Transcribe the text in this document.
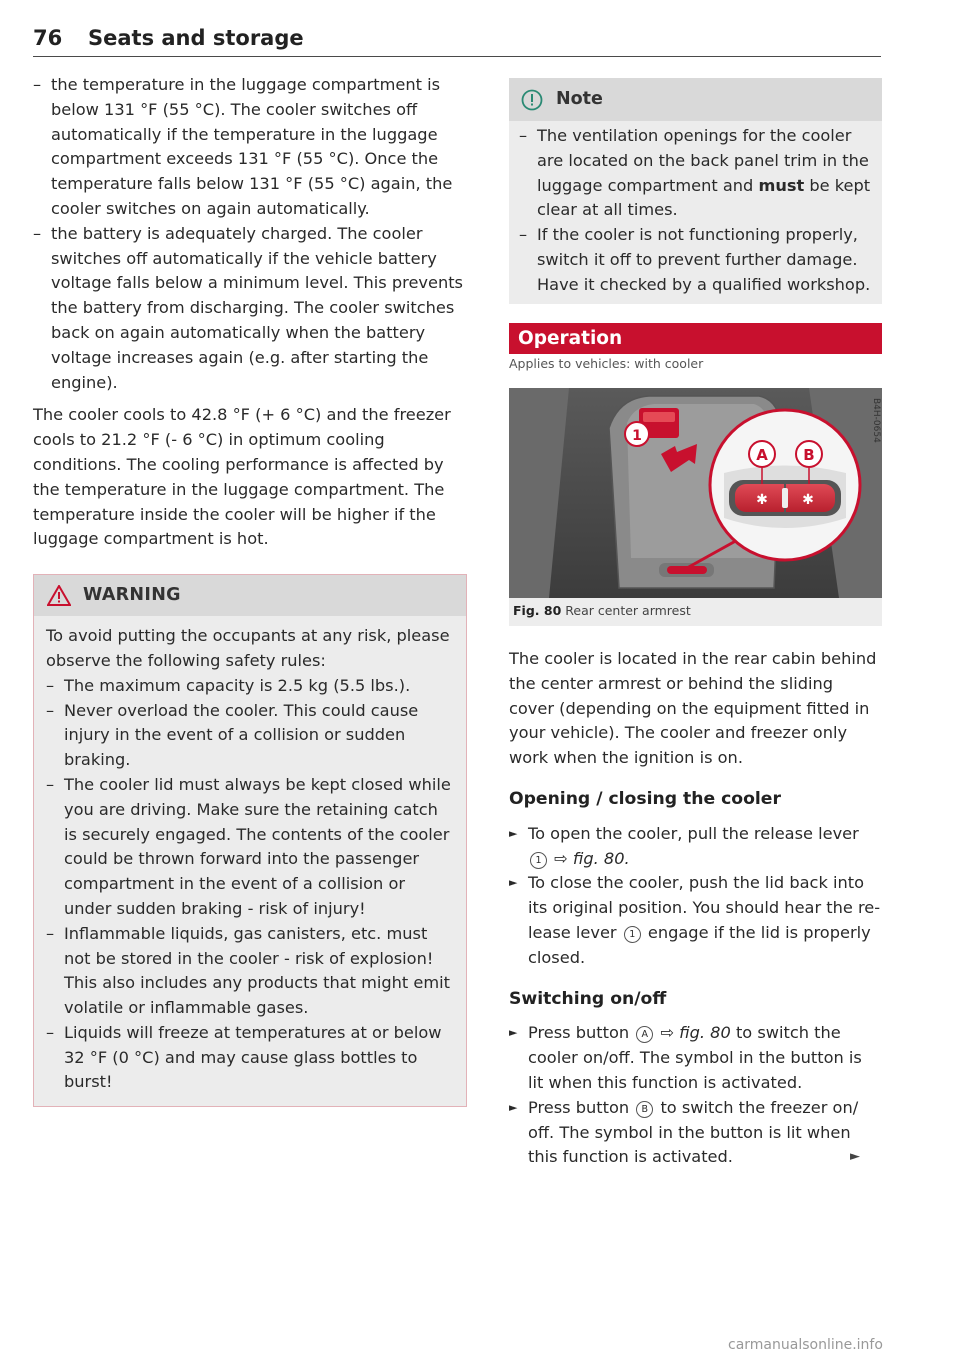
76 Seats and storage
– the temperature in the luggage compartment is below 131 °F (55 °C). The cooler switches off automatically if the temperature in the luggage compartment exceeds 131 °F (55 °C). Once the temperature falls below 131 °F (55 °C) again, the cooler switches on again automatically.
– the battery is adequately charged. The cooler switches off automatically if the vehicle battery voltage falls below a minimum level. This prevents the battery from discharging. The cooler switches back on again automatically when the battery voltage increases again (e.g. after starting the engine).

The cooler cools to 42.8 °F (+ 6 °C) and the freezer cools to 21.2 °F (- 6 °C) in optimum cooling conditions. The cooling performance is affected by the temperature in the luggage compartment. The temperature inside the cooler will be higher if the luggage compartment is hot.

WARNING
To avoid putting the occupants at any risk, please observe the following safety rules:
– The maximum capacity is 2.5 kg (5.5 lbs.).
– Never overload the cooler. This could cause injury in the event of a collision or sudden braking.
– The cooler lid must always be kept closed while you are driving. Make sure the retaining catch is securely engaged. The contents of the cooler could be thrown forward into the passenger compartment in the event of a collision or under sudden braking - risk of injury!
– Inflammable liquids, gas canisters, etc. must not be stored in the cooler - risk of explosion! This also includes any products that might emit volatile or inflammable gases.
– Liquids will freeze at temperatures at or below 32 °F (0 °C) and may cause glass bottles to burst!
Note
– The ventilation openings for the cooler are located on the back panel trim in the luggage compartment and must be kept clear at all times.
– If the cooler is not functioning properly, switch it off to prevent further damage. Have it checked by a qualified workshop.
Operation
Applies to vehicles: with cooler
✱ ✱
A B
1	B4H-0654
Fig. 80 Rear center armrest

The cooler is located in the rear cabin behind the center armrest or behind the sliding cover (depending on the equipment fitted in your vehicle). The cooler and freezer only work when the ignition is on.

Opening / closing the cooler
► To open the cooler, pull the release lever 1 ⇨ fig. 80.
► To close the cooler, push the lid back into its original position. You should hear the release lever 1 engage if the lid is properly closed.
Switching on/off
► Press button A ⇨ fig. 80 to switch the cooler on/off. The symbol in the button is lit when this function is activated.
► Press button B to switch the freezer on/ off. The symbol in the button is lit when this function is activated.	►
carmanualsonline.info
